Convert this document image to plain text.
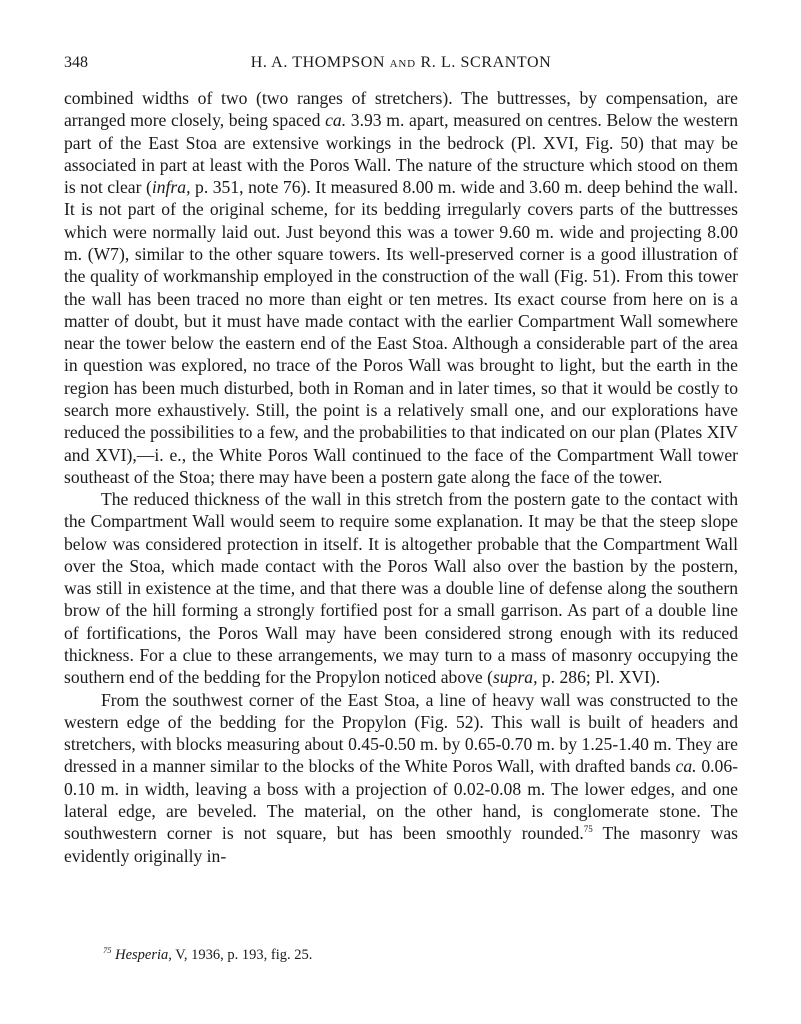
348	H. A. THOMPSON AND R. L. SCRANTON

combined widths of two (two ranges of stretchers). The buttresses, by compensation, are arranged more closely, being spaced ca. 3.93 m. apart, measured on centres. Below the western part of the East Stoa are extensive workings in the bedrock (Pl. XVI, Fig. 50) that may be associated in part at least with the Poros Wall. The nature of the structure which stood on them is not clear (infra, p. 351, note 76). It measured 8.00 m. wide and 3.60 m. deep behind the wall. It is not part of the original scheme, for its bedding irregularly covers parts of the buttresses which were normally laid out. Just beyond this was a tower 9.60 m. wide and projecting 8.00 m. (W7), similar to the other square towers. Its well-preserved corner is a good illustration of the quality of workmanship employed in the construction of the wall (Fig. 51). From this tower the wall has been traced no more than eight or ten metres. Its exact course from here on is a matter of doubt, but it must have made contact with the earlier Compartment Wall somewhere near the tower below the eastern end of the East Stoa. Although a considerable part of the area in question was explored, no trace of the Poros Wall was brought to light, but the earth in the region has been much disturbed, both in Roman and in later times, so that it would be costly to search more exhaustively. Still, the point is a relatively small one, and our explorations have reduced the possibilities to a few, and the probabilities to that indicated on our plan (Plates XIV and XVI),—i. e., the White Poros Wall continued to the face of the Compartment Wall tower southeast of the Stoa; there may have been a postern gate along the face of the tower.

The reduced thickness of the wall in this stretch from the postern gate to the contact with the Compartment Wall would seem to require some explanation. It may be that the steep slope below was considered protection in itself. It is altogether probable that the Compartment Wall over the Stoa, which made contact with the Poros Wall also over the bastion by the postern, was still in existence at the time, and that there was a double line of defense along the southern brow of the hill forming a strongly fortified post for a small garrison. As part of a double line of fortifications, the Poros Wall may have been considered strong enough with its reduced thickness. For a clue to these arrangements, we may turn to a mass of masonry occupying the southern end of the bedding for the Propylon noticed above (supra, p. 286; Pl. XVI).

From the southwest corner of the East Stoa, a line of heavy wall was constructed to the western edge of the bedding for the Propylon (Fig. 52). This wall is built of headers and stretchers, with blocks measuring about 0.45-0.50 m. by 0.65-0.70 m. by 1.25-1.40 m. They are dressed in a manner similar to the blocks of the White Poros Wall, with drafted bands ca. 0.06-0.10 m. in width, leaving a boss with a projection of 0.02-0.08 m. The lower edges, and one lateral edge, are beveled. The material, on the other hand, is conglomerate stone. The southwestern corner is not square, but has been smoothly rounded.$^{75}$ The masonry was evidently originally in-

$^{75}$ Hesperia, V, 1936, p. 193, fig. 25.
